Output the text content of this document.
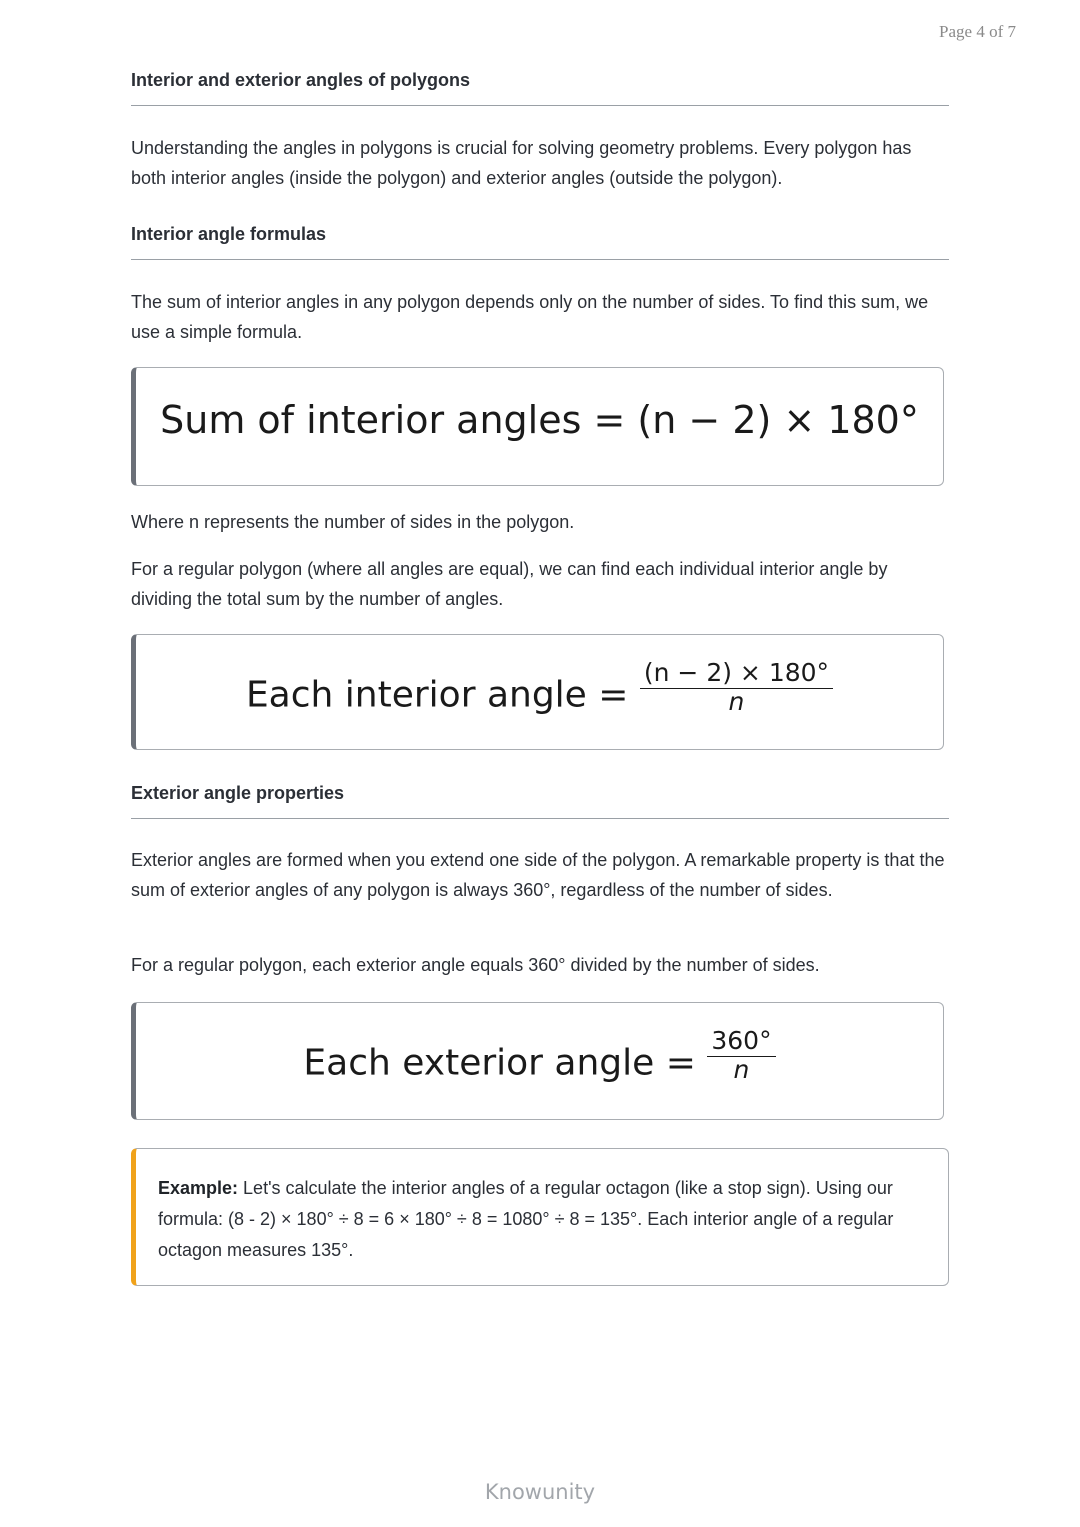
Page 4 of 7
Interior and exterior angles of polygons
Understanding the angles in polygons is crucial for solving geometry problems. Every polygon has both interior angles (inside the polygon) and exterior angles (outside the polygon).
Interior angle formulas
The sum of interior angles in any polygon depends only on the number of sides. To find this sum, we use a simple formula.
Sum of interior angles = (n − 2) × 180°
Where n represents the number of sides in the polygon.
For a regular polygon (where all angles are equal), we can find each individual interior angle by dividing the total sum by the number of angles.
Each interior angle = $\frac{(n - 2) \times 180^\circ}{n}$
Exterior angle properties
Exterior angles are formed when you extend one side of the polygon. A remarkable property is that the sum of exterior angles of any polygon is always 360°, regardless of the number of sides.
For a regular polygon, each exterior angle equals 360° divided by the number of sides.
Each exterior angle = $\frac{360^\circ}{n}$
Example: Let's calculate the interior angles of a regular octagon (like a stop sign). Using our formula: (8 - 2) × 180° ÷ 8 = 6 × 180° ÷ 8 = 1080° ÷ 8 = 135°. Each interior angle of a regular octagon measures 135°.
Knowunity
